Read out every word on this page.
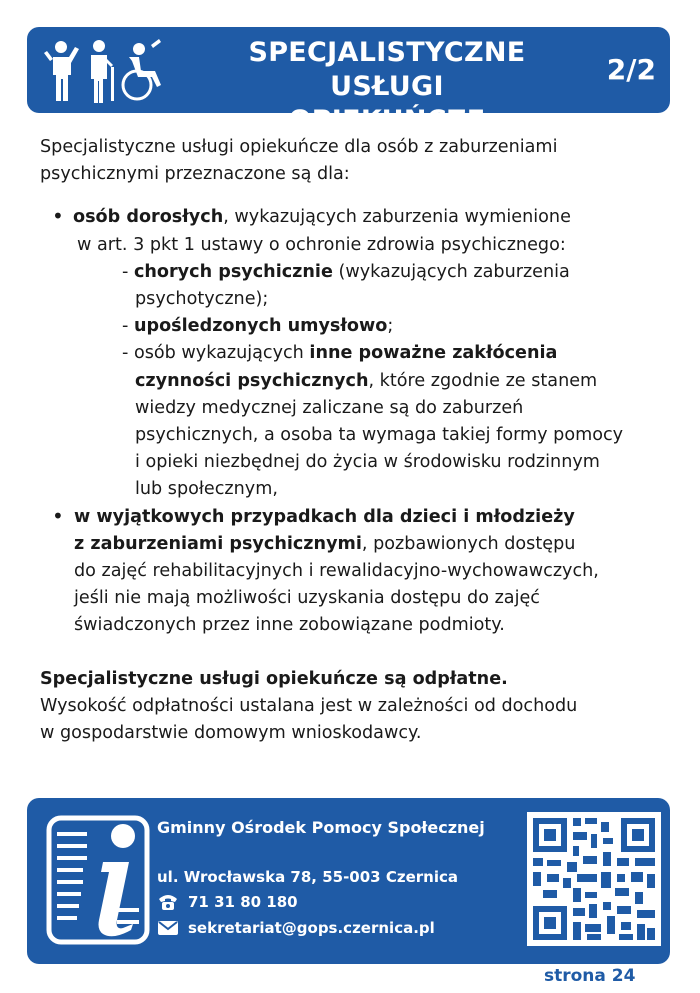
SPECJALISTYCZNE
USŁUGI OPIEKUŃCZE
2/2

Specjalistyczne usługi opiekuńcze dla osób z zaburzeniami
psychicznymi przeznaczone są dla:

• osób dorosłych, wykazujących zaburzenia wymienione
w art. 3 pkt 1 ustawy o ochronie zdrowia psychicznego:
- chorych psychicznie (wykazujących zaburzenia
psychotyczne);
- upośledzonych umysłowo;
- osób wykazujących inne poważne zakłócenia
czynności psychicznych, które zgodnie ze stanem
wiedzy medycznej zaliczane są do zaburzeń
psychicznych, a osoba ta wymaga takiej formy pomocy
i opieki niezbędnej do życia w środowisku rodzinnym
lub społecznym,
• w wyjątkowych przypadkach dla dzieci i młodzieży
z zaburzeniami psychicznymi, pozbawionych dostępu
do zajęć rehabilitacyjnych i rewalidacyjno-wychowawczych,
jeśli nie mają możliwości uzyskania dostępu do zajęć
świadczonych przez inne zobowiązane podmioty.
Specjalistyczne usługi opiekuńcze są odpłatne.
Wysokość odpłatności ustalana jest w zależności od dochodu
w gospodarstwie domowym wnioskodawcy.
Gminny Ośrodek Pomocy Społecznej
ul. Wrocławska 78, 55-003 Czernica
71 31 80 180
sekretariat@gops.czernica.pl
strona 24
